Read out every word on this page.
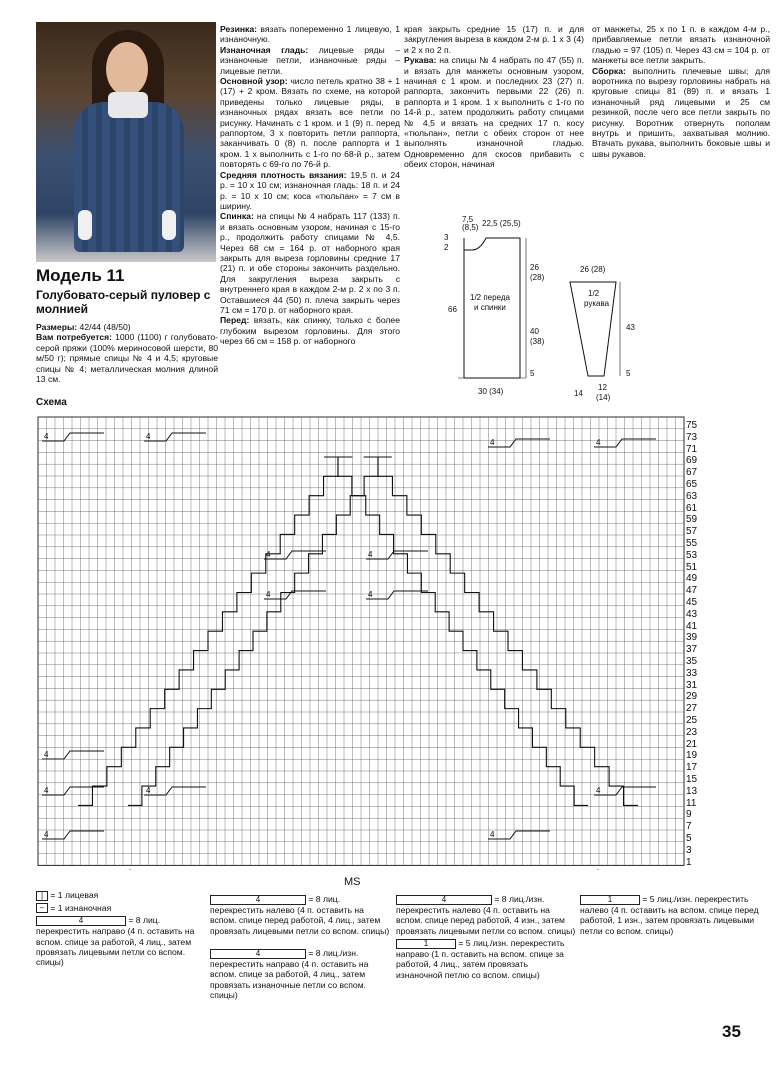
Модель 11
Голубовато-серый пуловер с молнией

Размеры: 42/44 (48/50)

Вам потребуется: 1000 (1100) г голубовато-серой пряжи (100% мериносовой шерсти, 80 м/50 г); прямые спицы № 4 и 4,5; круговые спицы № 4; металлическая молния длиной 13 см.

Резинка: вязать попеременно 1 лицевую, 1 изнаночную.

Изнаночная гладь: лицевые ряды – изнаночные петли, изнаночные ряды – лицевые петли.

Основной узор: число петель кратно 38 + 1 (17) + 2 кром. Вязать по схеме, на которой приведены только лицевые ряды, в изнаночных рядах вязать все петли по рисунку. Начинать с 1 кром. и 1 (9) п. перед раппортом, 3 х повторить петли раппорта, заканчивать 0 (8) п. после раппорта и 1 кром. 1 х выполнить с 1-го по 68-й р., затем повторять с 69-го по 76-й р.

Средняя плотность вязания: 19,5 п. и 24 р. = 10 х 10 см; изнаночная гладь: 18 п. и 24 р. = 10 х 10 см; коса «тюльпан» = 7 см в ширину.

Спинка: на спицы № 4 набрать 117 (133) п. и вязать основным узором, начиная с 15-го р., продолжить работу спицами № 4,5. Через 68 см = 164 р. от наборного края закрыть для выреза горловины средние 17 (21) п. и обе стороны закончить раздельно. Для закругления выреза закрыть с внутреннего края в каждом 2-м р. 2 х по 3 п. Оставшиеся 44 (50) п. плеча закрыть через 71 см = 170 р. от наборного края.

Перед: вязать, как спинку, только с более глубоким вырезом горловины. Для этого через 66 см = 158 р. от наборного

края закрыть средние 15 (17) п. и для закругления выреза в каждом 2-м р. 1 х 3 (4) и 2 х по 2 п.

Рукава: на спицы № 4 набрать по 47 (55) п. и вязать для манжеты основным узором, начиная с 1 кром. и последних 23 (27) п. раппорта, закончить первыми 22 (26) п. раппорта и 1 кром. 1 х выполнить с 1-го по 14-й р., затем продолжить работу спицами № 4,5 и вязать на средних 17 п. косу «тюльпан», петли с обеих сторон от нее выполнять изнаночной гладью. Одновременно для скосов прибавить с обеих сторон, начиная

от манжеты, 25 х по 1 п. в каждом 4-м р., прибавляемые петли вязать изнаночной гладью = 97 (105) п. Через 43 см = 104 р. от манжеты все петли закрыть.

Сборка: выполнить плечевые швы; для воротника по вырезу горловины набрать на круговые спицы 81 (89) п. и вязать 1 изнаночный ряд лицевыми и 25 см резинкой, после чего все петли закрыть по рисунку. Воротник отвернуть пополам внутрь и пришить, захватывая молнию. Втачать рукава, выполнить боковые швы и швы рукавов.

7,5
(8,5) 22,5 (25,5)
3
2
26
(28)
66
40
(38)
5
1/2 переда
и спинки
30 (34)
26 (28)
1/2
рукава
43
5
14
12
(14)
Схема
4	4
4	4
4
4
4
4
4
4
4	4
4	4
75
73
71
69
67
65
63
61
59
57
55
53
51
49
47
45
43
41
39
37
35
33
31
29
27
25
23
21
19
17
15
13
11
9
7
5
3
1
MS

| = 1 лицевая

– = 1 изнаночная

4	= 8 лиц. перекрестить направо (4 п. оставить на вспом. спице за работой, 4 лиц., затем провязать лицевыми петли со вспом. спицы)

4	= 8 лиц. перекрестить налево (4 п. оставить на вспом. спице перед работой, 4 лиц., затем провязать лицевыми петли со вспом. спицы)

4	= 8 лиц./изн. перекрестить направо (4 п. оставить на вспом. спице за работой, 4 лиц., затем провязать изнаночные петли со вспом. спицы)

4	= 8 лиц./изн. перекрестить налево (4 п. оставить на вспом. спице перед работой, 4 изн., затем провязать лицевыми петли со вспом. спицы)

1	= 5 лиц./изн. перекрестить направо (1 п. оставить на вспом. спице за работой, 4 лиц., затем провязать изнаночной петлю со вспом. спицы)

1	= 5 лиц./изн. перекрестить налево (4 п. оставить на вспом. спице перед работой, 1 изн., затем провязать лицевыми петли со вспом. спицы)

35
